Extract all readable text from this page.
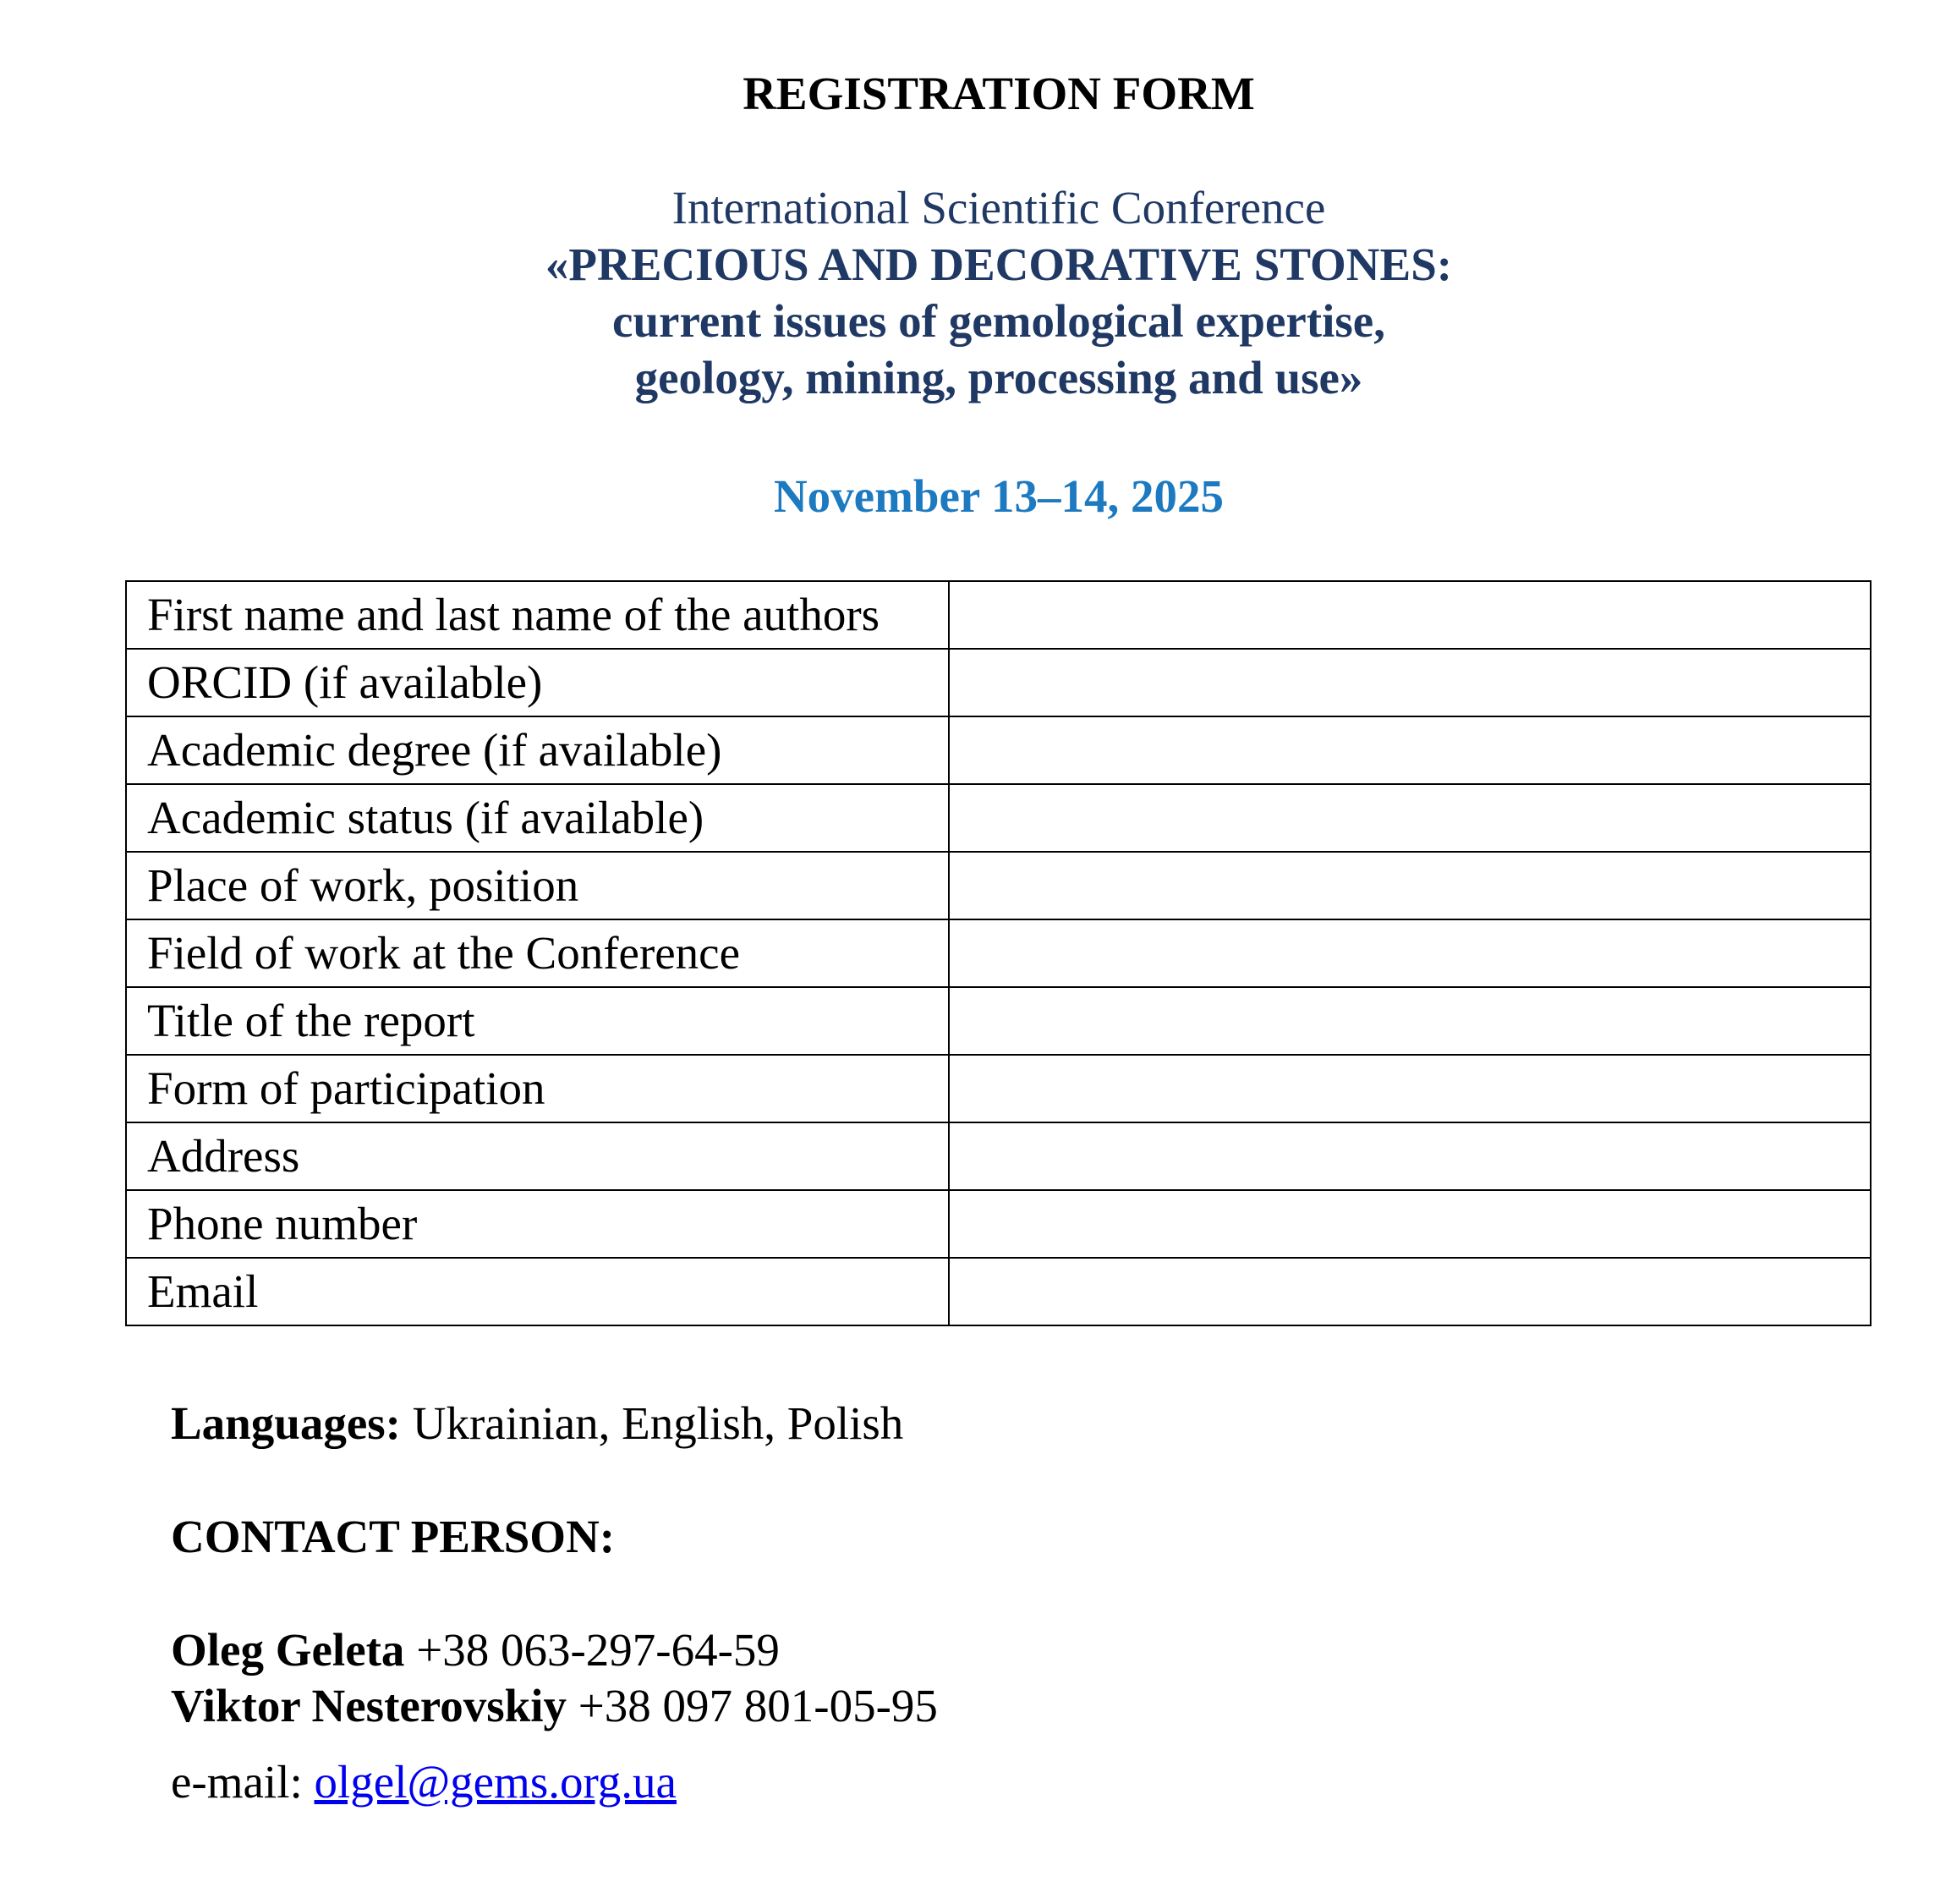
REGISTRATION FORM
International Scientific Conference
«PRECIOUS AND DECORATIVE STONES:
current issues of gemological expertise,
geology, mining, processing and use»
November 13–14, 2025
First name and last name of the authors	
ORCID (if available)	
Academic degree (if available)	
Academic status (if available)	
Place of work, position	
Field of work at the Conference	
Title of the report	
Form of participation	
Address	
Phone number	
Email	
Languages: Ukrainian, English, Polish
CONTACT PERSON:
Oleg Geleta +38 063-297-64-59
Viktor Nesterovskiy +38 097 801-05-95
e-mail: olgel@gems.org.ua
